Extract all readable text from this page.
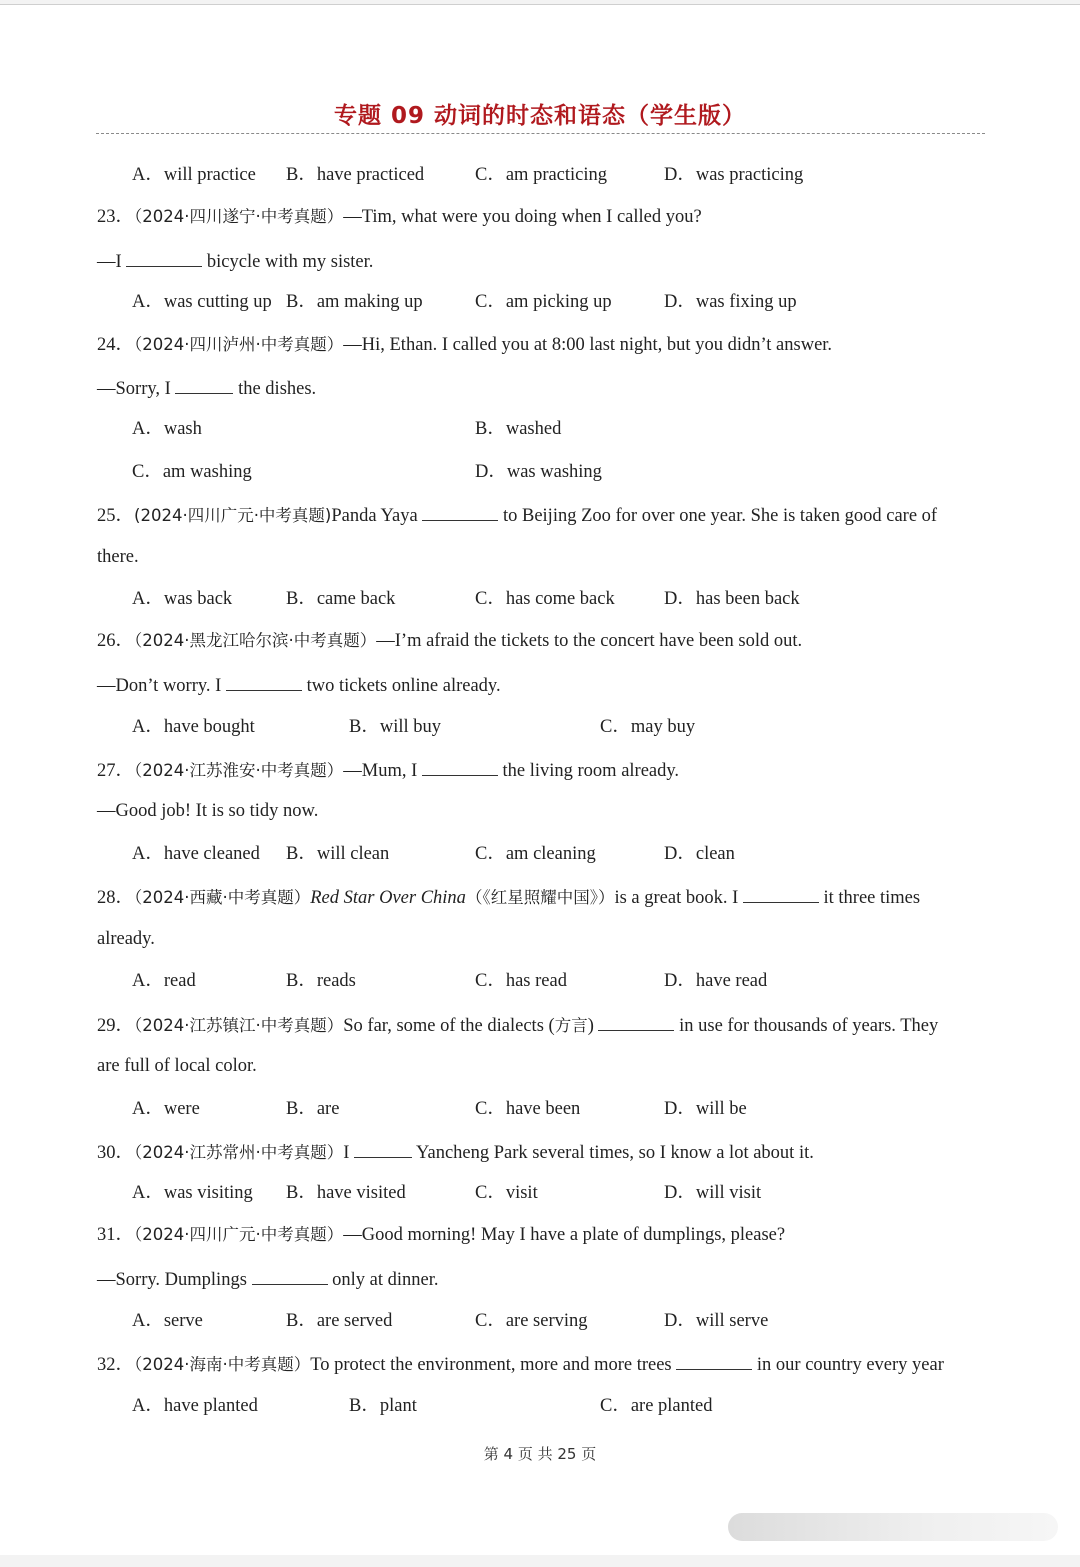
专题 09 动词的时态和语态（学生版）
A．will practice B．have practiced	C．am practicing	D．was practicing
23．（2024·四川遂宁·中考真题）—Tim, what were you doing when I called you?
—I	bicycle with my sister.
A．was cutting up B．am making up	C．am picking up	D．was fixing up
24．（2024·四川泸州·中考真题）—Hi, Ethan. I called you at 8:00 last night, but you didn’t answer.
—Sorry, I	the dishes.
A．wash	B．washed
C．am washing	D．was washing
25．(2024·四川广元·中考真题)Panda Yaya	to Beijing Zoo for over one year. She is taken good care of
there.
A．was back	B．came back	C．has come back	D．has been back
26．（2024·黑龙江哈尔滨·中考真题）—I’m afraid the tickets to the concert have been sold out.
—Don’t worry. I	two tickets online already.
A．have bought	B．will buy	C．may buy
27．（2024·江苏淮安·中考真题）—Mum, I	the living room already.
—Good job! It is so tidy now.
A．have cleaned B．will clean	C．am cleaning	D．clean
28．（2024·西藏·中考真题）Red Star Over China（《红星照耀中国》）is a great book. I	it three times
already.
A．read	B．reads	C．has read	D．have read
29．（2024·江苏镇江·中考真题）So far, some of the dialects (方言)	in use for thousands of years. They
are full of local color.
A．were	B．are	C．have been	D．will be
30．（2024·江苏常州·中考真题）I	Yancheng Park several times, so I know a lot about it.
A．was visiting B．have visited	C．visit	D．will visit
31．（2024·四川广元·中考真题）—Good morning! May I have a plate of dumplings, please?
—Sorry. Dumplings	only at dinner.
A．serve	B．are served	C．are serving	D．will serve
32．（2024·海南·中考真题）To protect the environment, more and more trees	in our country every year
A．have planted	B．plant	C．are planted
第 4 页 共 25 页
